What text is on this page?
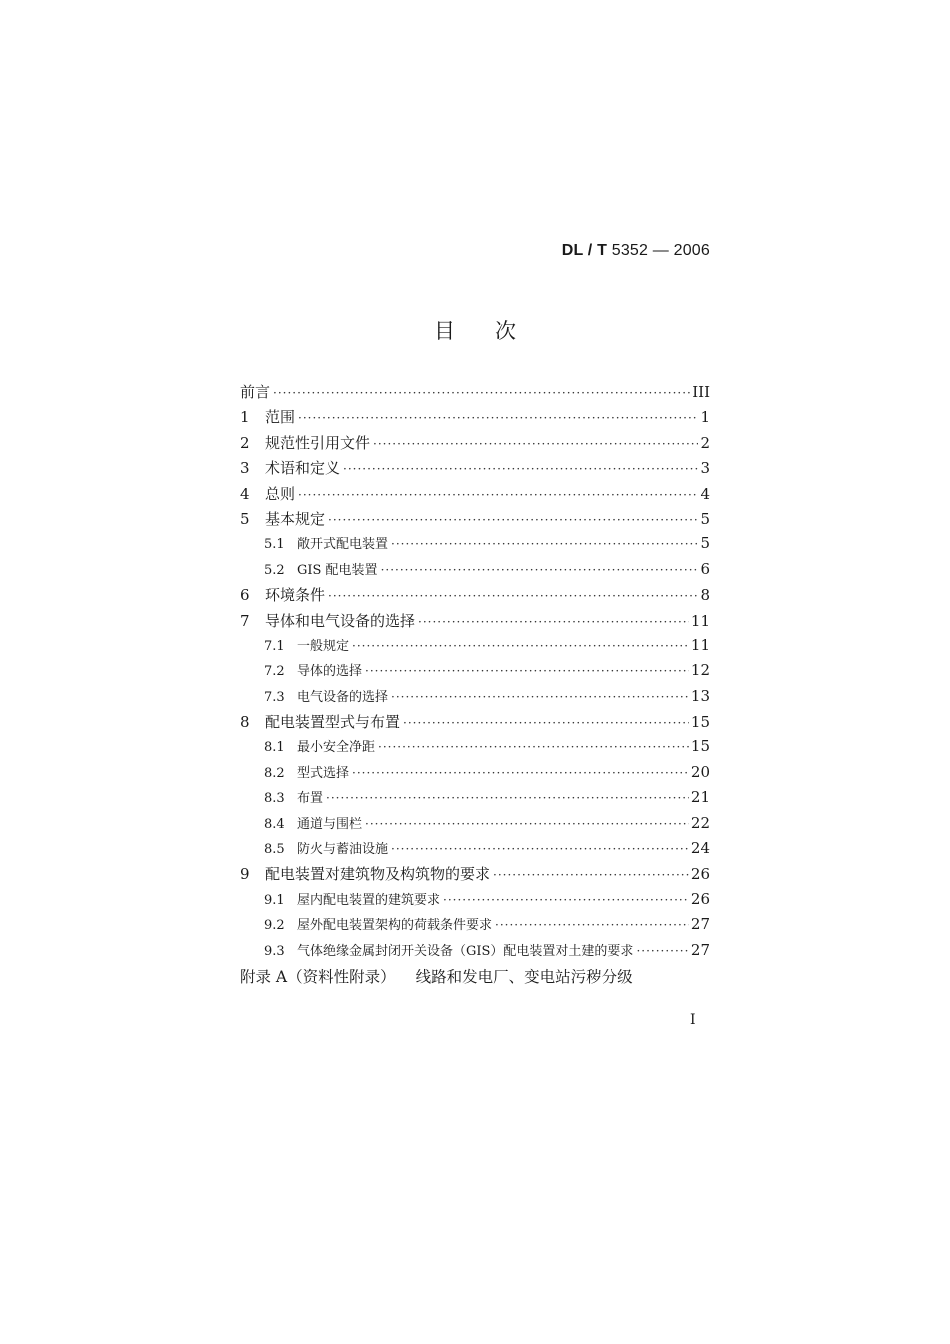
DL / T 5352 — 2006
目次
前言 ·····	III
1	范围 ·····	1
2	规范性引用文件 ·····	2
3	术语和定义 ·····	3
4	总则 ·····	4
5	基本规定 ·····	5
5.1 敞开式配电装置 ·····	5
5.2 GIS 配电装置 ·····	6
6	环境条件 ·····	8
7	导体和电气设备的选择 ·····	11
7.1 一般规定 ·····	11
7.2 导体的选择 ·····	12
7.3 电气设备的选择 ·····	13
8	配电装置型式与布置 ·····	15
8.1 最小安全净距 ·····	15
8.2 型式选择 ·····	20
8.3 布置 ·····	21
8.4 通道与围栏 ·····	22
8.5 防火与蓄油设施 ·····	24
9	配电装置对建筑物及构筑物的要求 ·····	26
9.1 屋内配电装置的建筑要求 ·····	26
9.2 屋外配电装置架构的荷载条件要求 ·····	27
9.3 气体绝缘金属封闭开关设备（GIS）配电装置对土建的要求 ·····	27
附录 A（资料性附录） 线路和发电厂、变电站污秽分级
I
